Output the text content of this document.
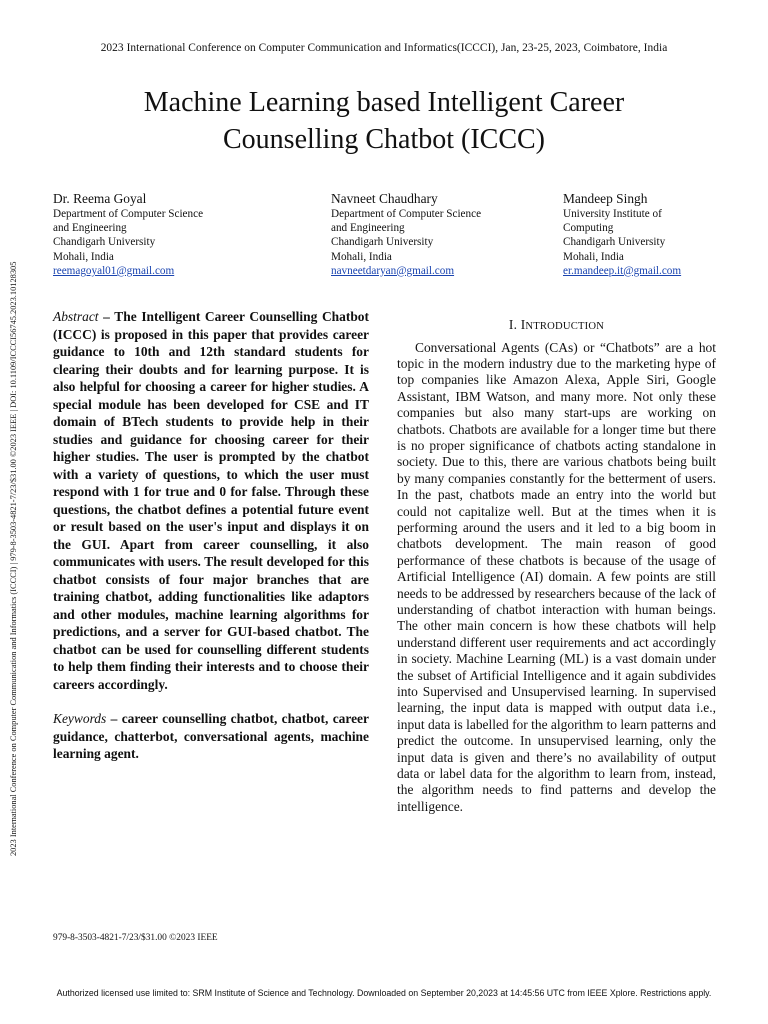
2023 International Conference on Computer Communication and Informatics(ICCCI), Jan, 23-25, 2023, Coimbatore, India
Machine Learning based Intelligent Career
Counselling Chatbot (ICCC)
2023 International Conference on Computer Communication and Informatics (ICCCI) | 979-8-3503-4821-7/23/$31.00 ©2023 IEEE | DOI: 10.1109/ICCCI56745.2023.10128305
Dr. Reema Goyal
Department of Computer Science
and Engineering
Chandigarh University
Mohali, India
reemagoyal01@gmail.com
Navneet Chaudhary
Department of Computer Science
and Engineering
Chandigarh University
Mohali, India
navneetdaryan@gmail.com
Mandeep Singh
University Institute of
Computing
Chandigarh University
Mohali, India
er.mandeep.it@gmail.com
Abstract – The Intelligent Career Counselling Chatbot (ICCC) is proposed in this paper that provides career guidance to 10th and 12th standard students for clearing their doubts and for learning purpose. It is also helpful for choosing a career for higher studies. A special module has been developed for CSE and IT domain of BTech students to provide help in their studies and guidance for choosing career for their higher studies. The user is prompted by the chatbot with a variety of questions, to which the user must respond with 1 for true and 0 for false. Through these questions, the chatbot defines a potential future event or result based on the user's input and displays it on the GUI. Apart from career counselling, it also communicates with users. The result developed for this chatbot consists of four major branches that are training chatbot, adding functionalities like adaptors and other modules, machine learning algorithms for predictions, and a server for GUI-based chatbot. The chatbot can be used for counselling different students to help them finding their interests and to choose their careers accordingly.
Keywords – career counselling chatbot, chatbot, career guidance, chatterbot, conversational agents, machine learning agent.
I. INTRODUCTION
Conversational Agents (CAs) or “Chatbots” are a hot topic in the modern industry due to the marketing hype of top companies like Amazon Alexa, Apple Siri, Google Assistant, IBM Watson, and many more. Not only these companies but also many start-ups are working on chatbots. Chatbots are available for a longer time but there is no proper significance of chatbots acting standalone in society. Due to this, there are various chatbots being built by many companies constantly for the betterment of users. In the past, chatbots made an entry into the world but could not capitalize well. But at the times when it is performing around the users and it led to a big boom in chatbots development. The main reason of good performance of these chatbots is because of the usage of Artificial Intelligence (AI) domain. A few points are still needs to be addressed by researchers because of the lack of understanding of chatbot interaction with human beings. The other main concern is how these chatbots will help understand different user requirements and act accordingly in society. Machine Learning (ML) is a vast domain under the subset of Artificial Intelligence and it again subdivides into Supervised and Unsupervised learning. In supervised learning, the input data is mapped with output data i.e., input data is labelled for the algorithm to learn patterns and predict the outcome. In unsupervised learning, only the input data is given and there’s no availability of output data or label data for the algorithm to learn from, instead, the algorithm needs to find patterns and develop the intelligence.
979-8-3503-4821-7/23/$31.00 ©2023 IEEE
Authorized licensed use limited to: SRM Institute of Science and Technology. Downloaded on September 20,2023 at 14:45:56 UTC from IEEE Xplore. Restrictions apply.
